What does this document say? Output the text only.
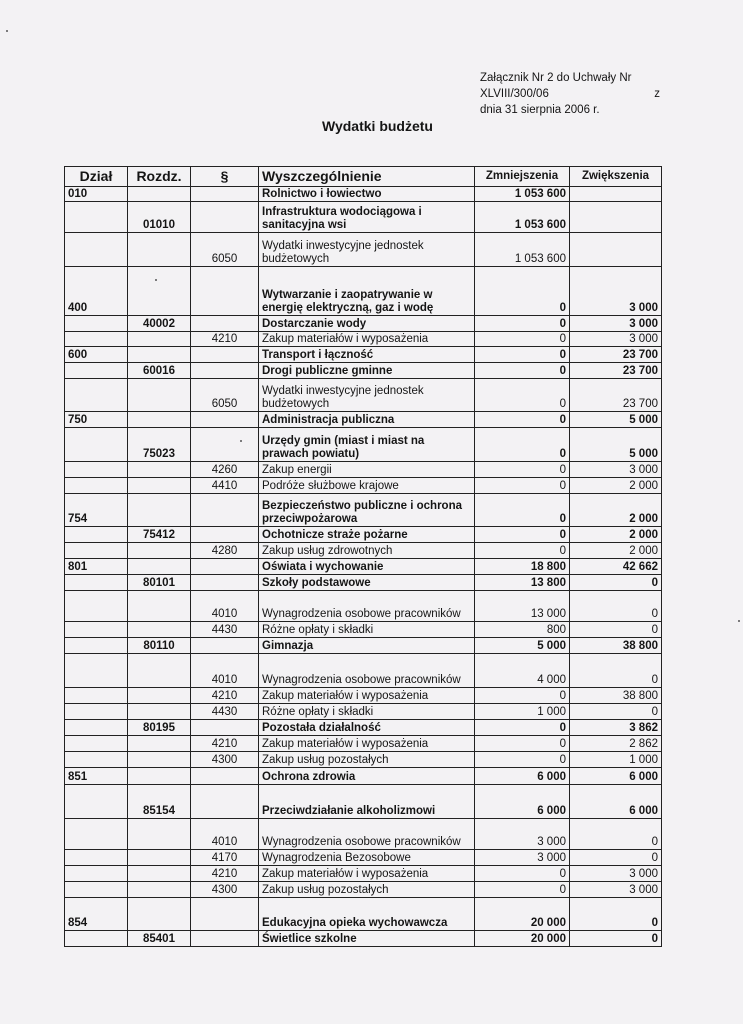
Załącznik Nr 2 do Uchwały Nr
XLVIII/300/06	z
dnia 31 sierpnia 2006 r.
Wydatki budżetu
Dział	Rozdz.	§	Wyszczególnienie	Zmniejszenia	Zwiększenia
010			Rolnictwo i łowiectwo	1 053 600	
	01010		Infrastruktura wodociągowa i sanitacyjna wsi	1 053 600	
		6050	Wydatki inwestycyjne jednostek budżetowych	1 053 600	
400			Wytwarzanie i zaopatrywanie w energię elektryczną, gaz i wodę	0	3 000
	40002		Dostarczanie wody	0	3 000
		4210	Zakup materiałów i wyposażenia	0	3 000
600			Transport i łączność	0	23 700
	60016		Drogi publiczne gminne	0	23 700
		6050	Wydatki inwestycyjne jednostek budżetowych	0	23 700
750			Administracja publiczna	0	5 000
	75023		Urzędy gmin (miast i miast na prawach powiatu)	0	5 000
		4260	Zakup energii	0	3 000
		4410	Podróże służbowe krajowe	0	2 000
754			Bezpieczeństwo publiczne i ochrona przeciwpożarowa	0	2 000
	75412		Ochotnicze straże pożarne	0	2 000
		4280	Zakup usług zdrowotnych	0	2 000
801			Oświata i wychowanie	18 800	42 662
	80101		Szkoły podstawowe	13 800	0
		4010	Wynagrodzenia osobowe pracowników	13 000	0
		4430	Różne opłaty i składki	800	0
	80110		Gimnazja	5 000	38 800
		4010	Wynagrodzenia osobowe pracowników	4 000	0
		4210	Zakup materiałów i wyposażenia	0	38 800
		4430	Różne opłaty i składki	1 000	0
	80195		Pozostała działalność	0	3 862
		4210	Zakup materiałów i wyposażenia	0	2 862
		4300	Zakup usług pozostałych	0	1 000
851			Ochrona zdrowia	6 000	6 000
	85154		Przeciwdziałanie alkoholizmowi	6 000	6 000
		4010	Wynagrodzenia osobowe pracowników	3 000	0
		4170	Wynagrodzenia Bezosobowe	3 000	0
		4210	Zakup materiałów i wyposażenia	0	3 000
		4300	Zakup usług pozostałych	0	3 000
854			Edukacyjna opieka wychowawcza	20 000	0
	85401		Świetlice szkolne	20 000	0
